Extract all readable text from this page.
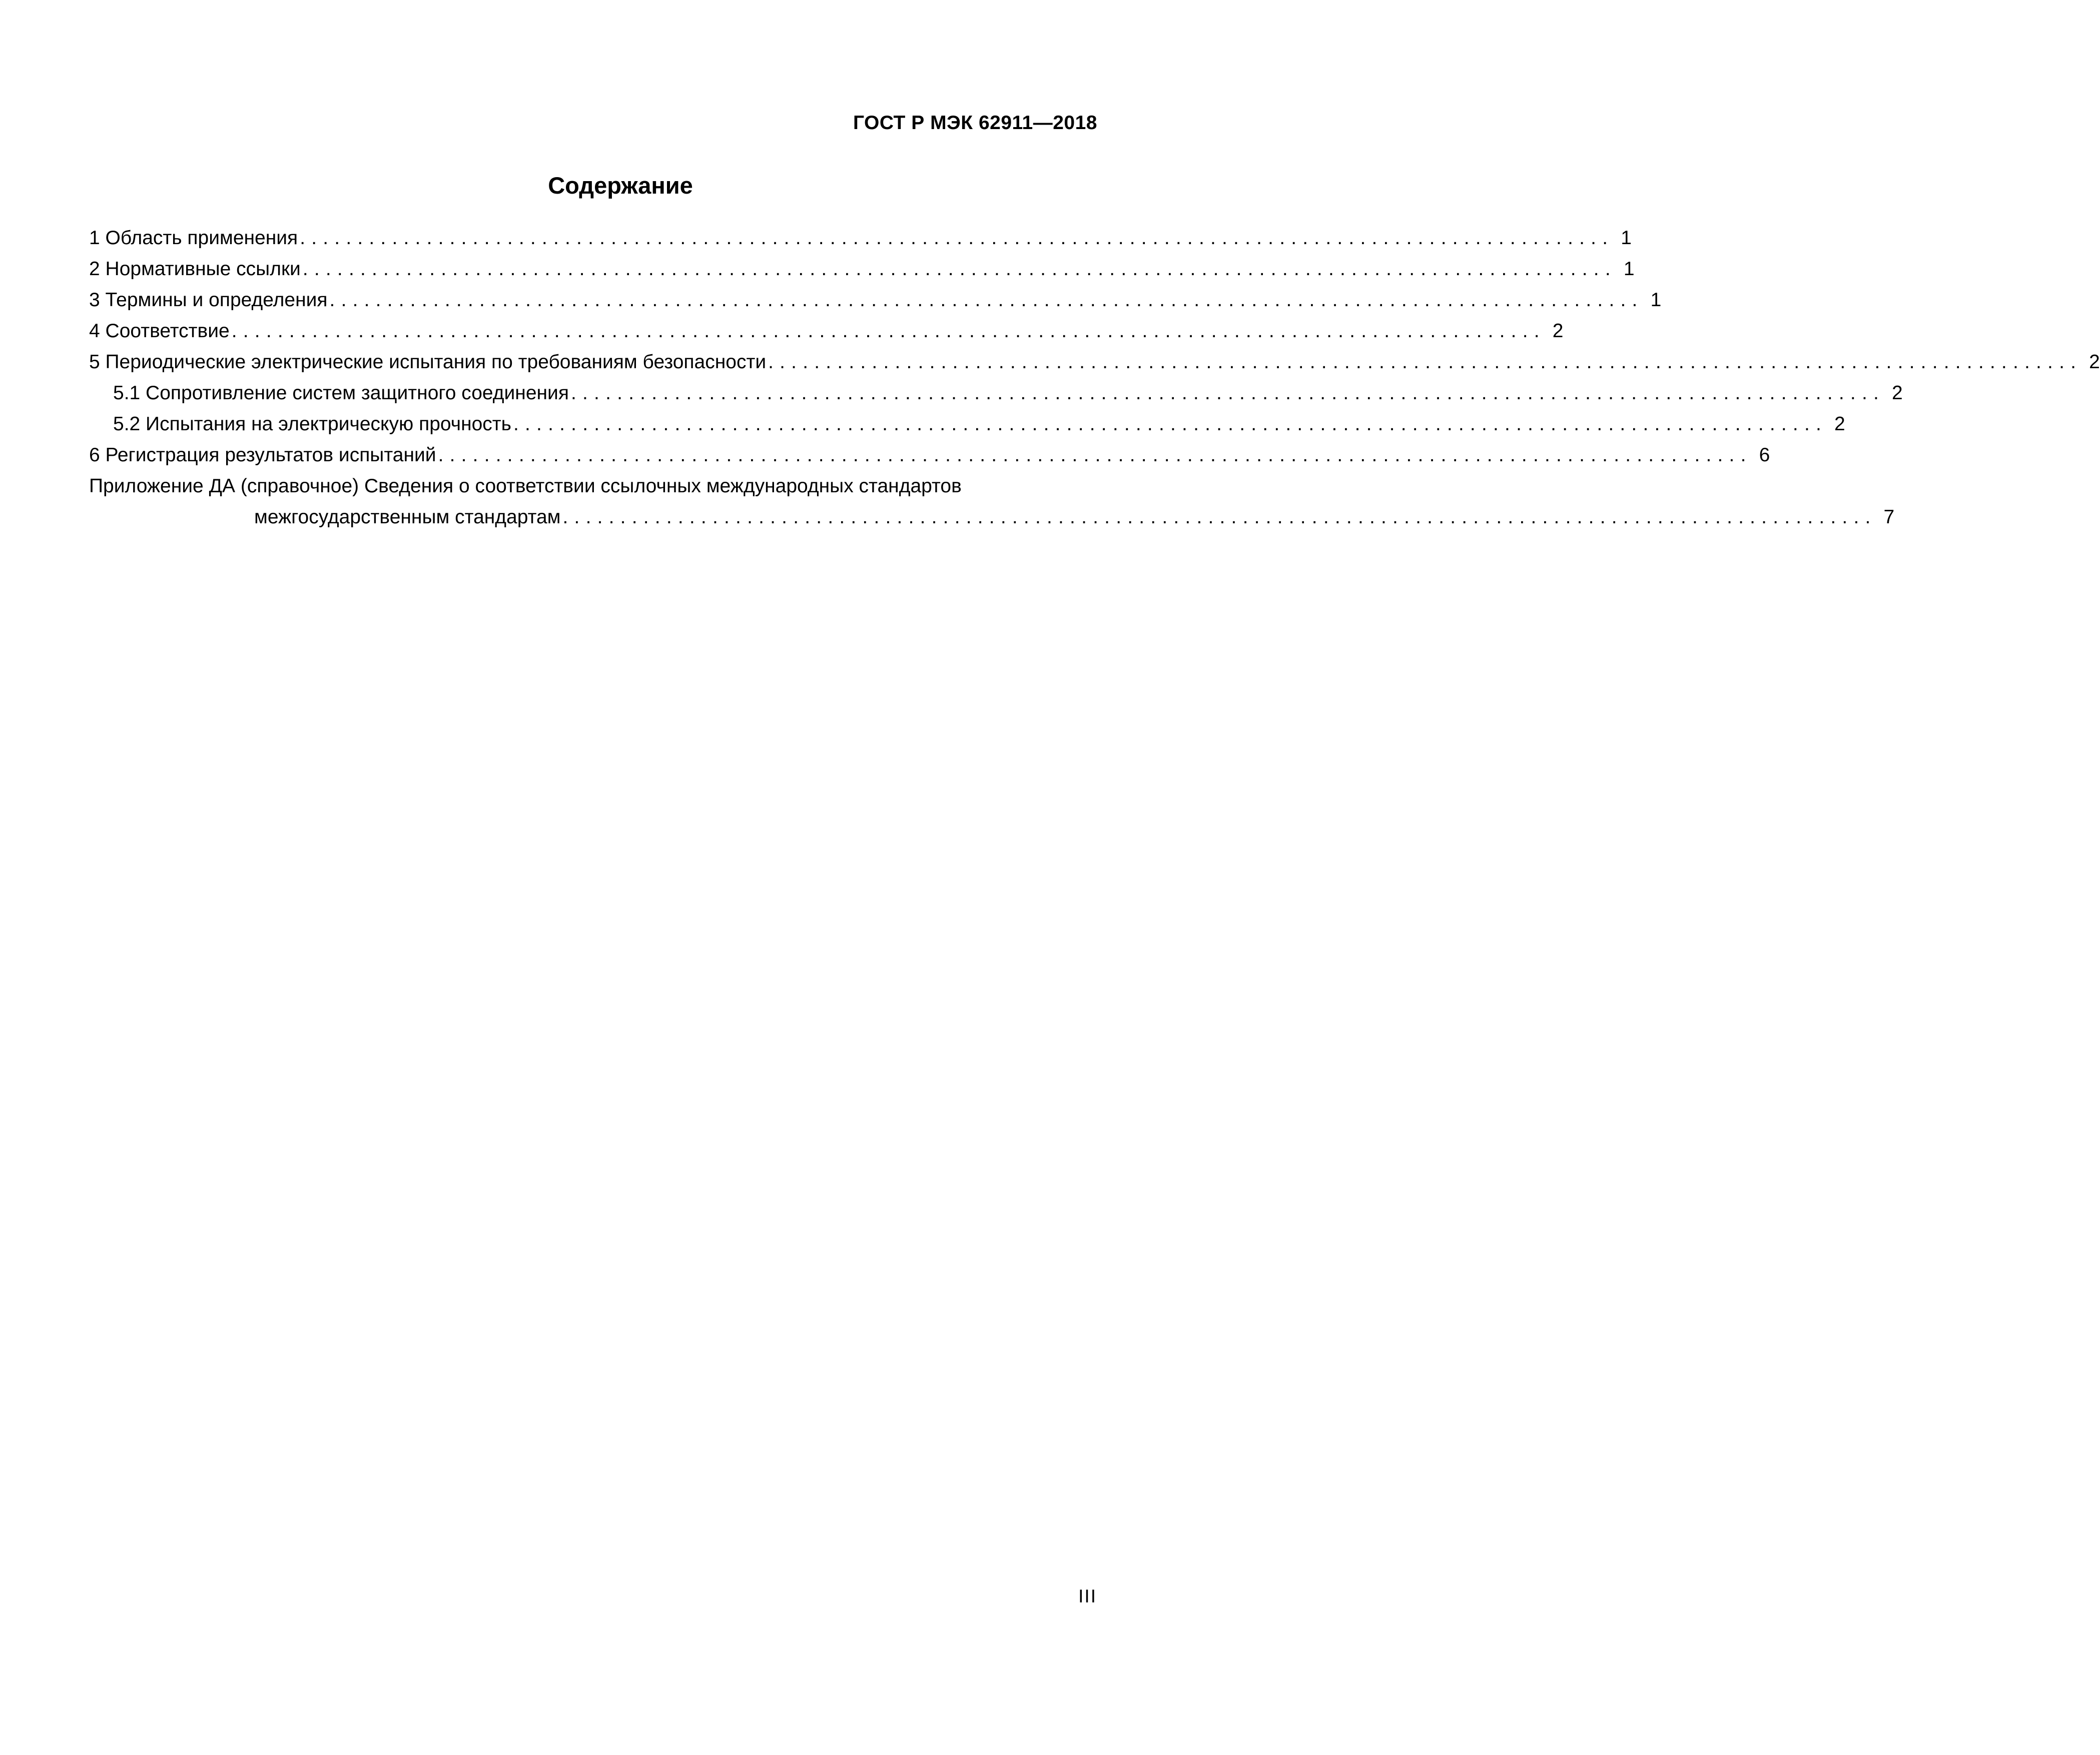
ГОСТ Р МЭК 62911—2018
Содержание
1 Область применения .................................................................................................................. 1
2 Нормативные ссылки .................................................................................................................. 1
3 Термины и определения .................................................................................................................. 1
4 Соответствие .................................................................................................................. 2
5 Периодические электрические испытания по требованиям безопасности .................................................................................................................. 2
5.1 Сопротивление систем защитного соединения .................................................................................................................. 2
5.2 Испытания на электрическую прочность .................................................................................................................. 2
6 Регистрация результатов испытаний .................................................................................................................. 6
Приложение ДА (справочное) Сведения о соответствии ссылочных международных стандартов
межгосударственным стандартам .................................................................................................................. 7
III
